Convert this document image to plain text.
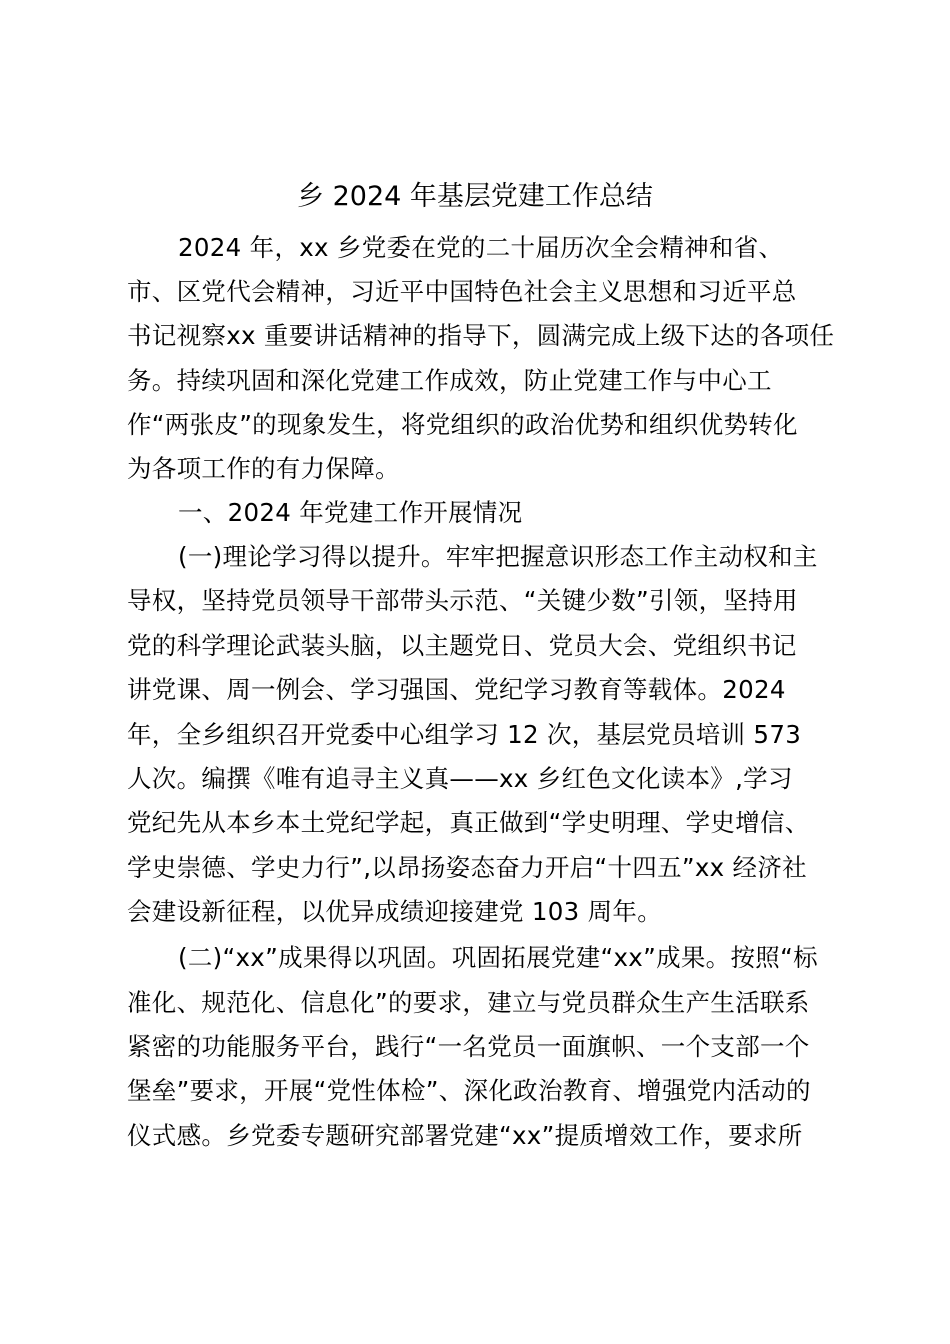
乡 2024 年基层党建工作总结
2024 年，xx 乡党委在党的二十届历次全会精神和省、
市、区党代会精神，习近平中国特色社会主义思想和习近平总
书记视察xx 重要讲话精神的指导下，圆满完成上级下达的各项任
务。持续巩固和深化党建工作成效，防止党建工作与中心工
作“两张皮”的现象发生，将党组织的政治优势和组织优势转化
为各项工作的有力保障。
一、2024 年党建工作开展情况
(一)理论学习得以提升。牢牢把握意识形态工作主动权和主
导权，坚持党员领导干部带头示范、“关键少数”引领，坚持用
党的科学理论武装头脑，以主题党日、党员大会、党组织书记
讲党课、周一例会、学习强国、党纪学习教育等载体。2024
年，全乡组织召开党委中心组学习 12 次，基层党员培训 573
人次。编撰《唯有追寻主义真——xx 乡红色文化读本》,学习
党纪先从本乡本土党纪学起，真正做到“学史明理、学史增信、
学史崇德、学史力行”,以昂扬姿态奋力开启“十四五”xx 经济社
会建设新征程，以优异成绩迎接建党 103 周年。
(二)“xx”成果得以巩固。巩固拓展党建“xx”成果。按照“标
准化、规范化、信息化”的要求，建立与党员群众生产生活联系
紧密的功能服务平台，践行“一名党员一面旗帜、一个支部一个
堡垒”要求，开展“党性体检”、深化政治教育、增强党内活动的
仪式感。乡党委专题研究部署党建“xx”提质增效工作，要求所
